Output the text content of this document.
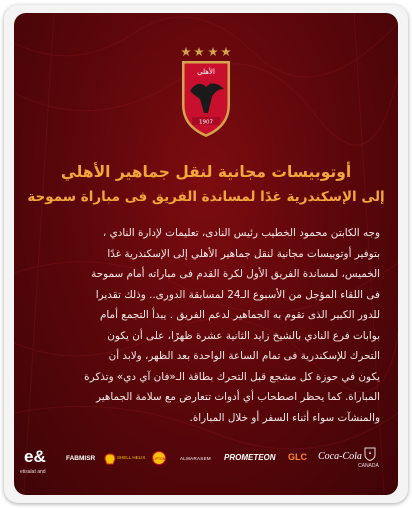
الأهلى
1907
أوتوبيسات مجانية لنقل جماهير الأهلي
إلى الإسكندرية غدًا لمساندة الفريق فى مباراة سموحة
وجه الكابتن محمود الخطيب رئيس النادى، تعليمات لإدارة النادي ،
بتوفير أوتوبيسات مجانية لنقل جماهير الأهلي إلى الإسكندرية غدًا
الخميس، لمساندة الفريق الأول لكرة القدم فى مباراته أمام سموحة
فى اللقاء المؤجل من الأسبوع الـ24 لمسابقة الدورى.. وذلك تقديرا
للدور الكبير الذى تقوم به الجماهير لدعم الفريق . يبدأ التجمع أمام
بوابات فرع النادي بالشيخ زايد الثانية عشرة ظهرًا، على أن يكون
التحرك للإسكندرية فى تمام الساعة الواحدة بعد الظهر، ولابد أن
يكون في حوزة كل مشجع قبل التحرك بطاقة الـ«فان آي دي» وتذكرة
المباراة. كما يحظر اصطحاب أي أدوات تتعارض مع سلامة الجماهير
والمنشآت سواء أثناء السفر أو خلال المباراة.
e&
etisalat and
FABMISR	SHELL HELIX LIPTON	ALMARASEM PROMETEON GLC Coca-Cola
CANADA
